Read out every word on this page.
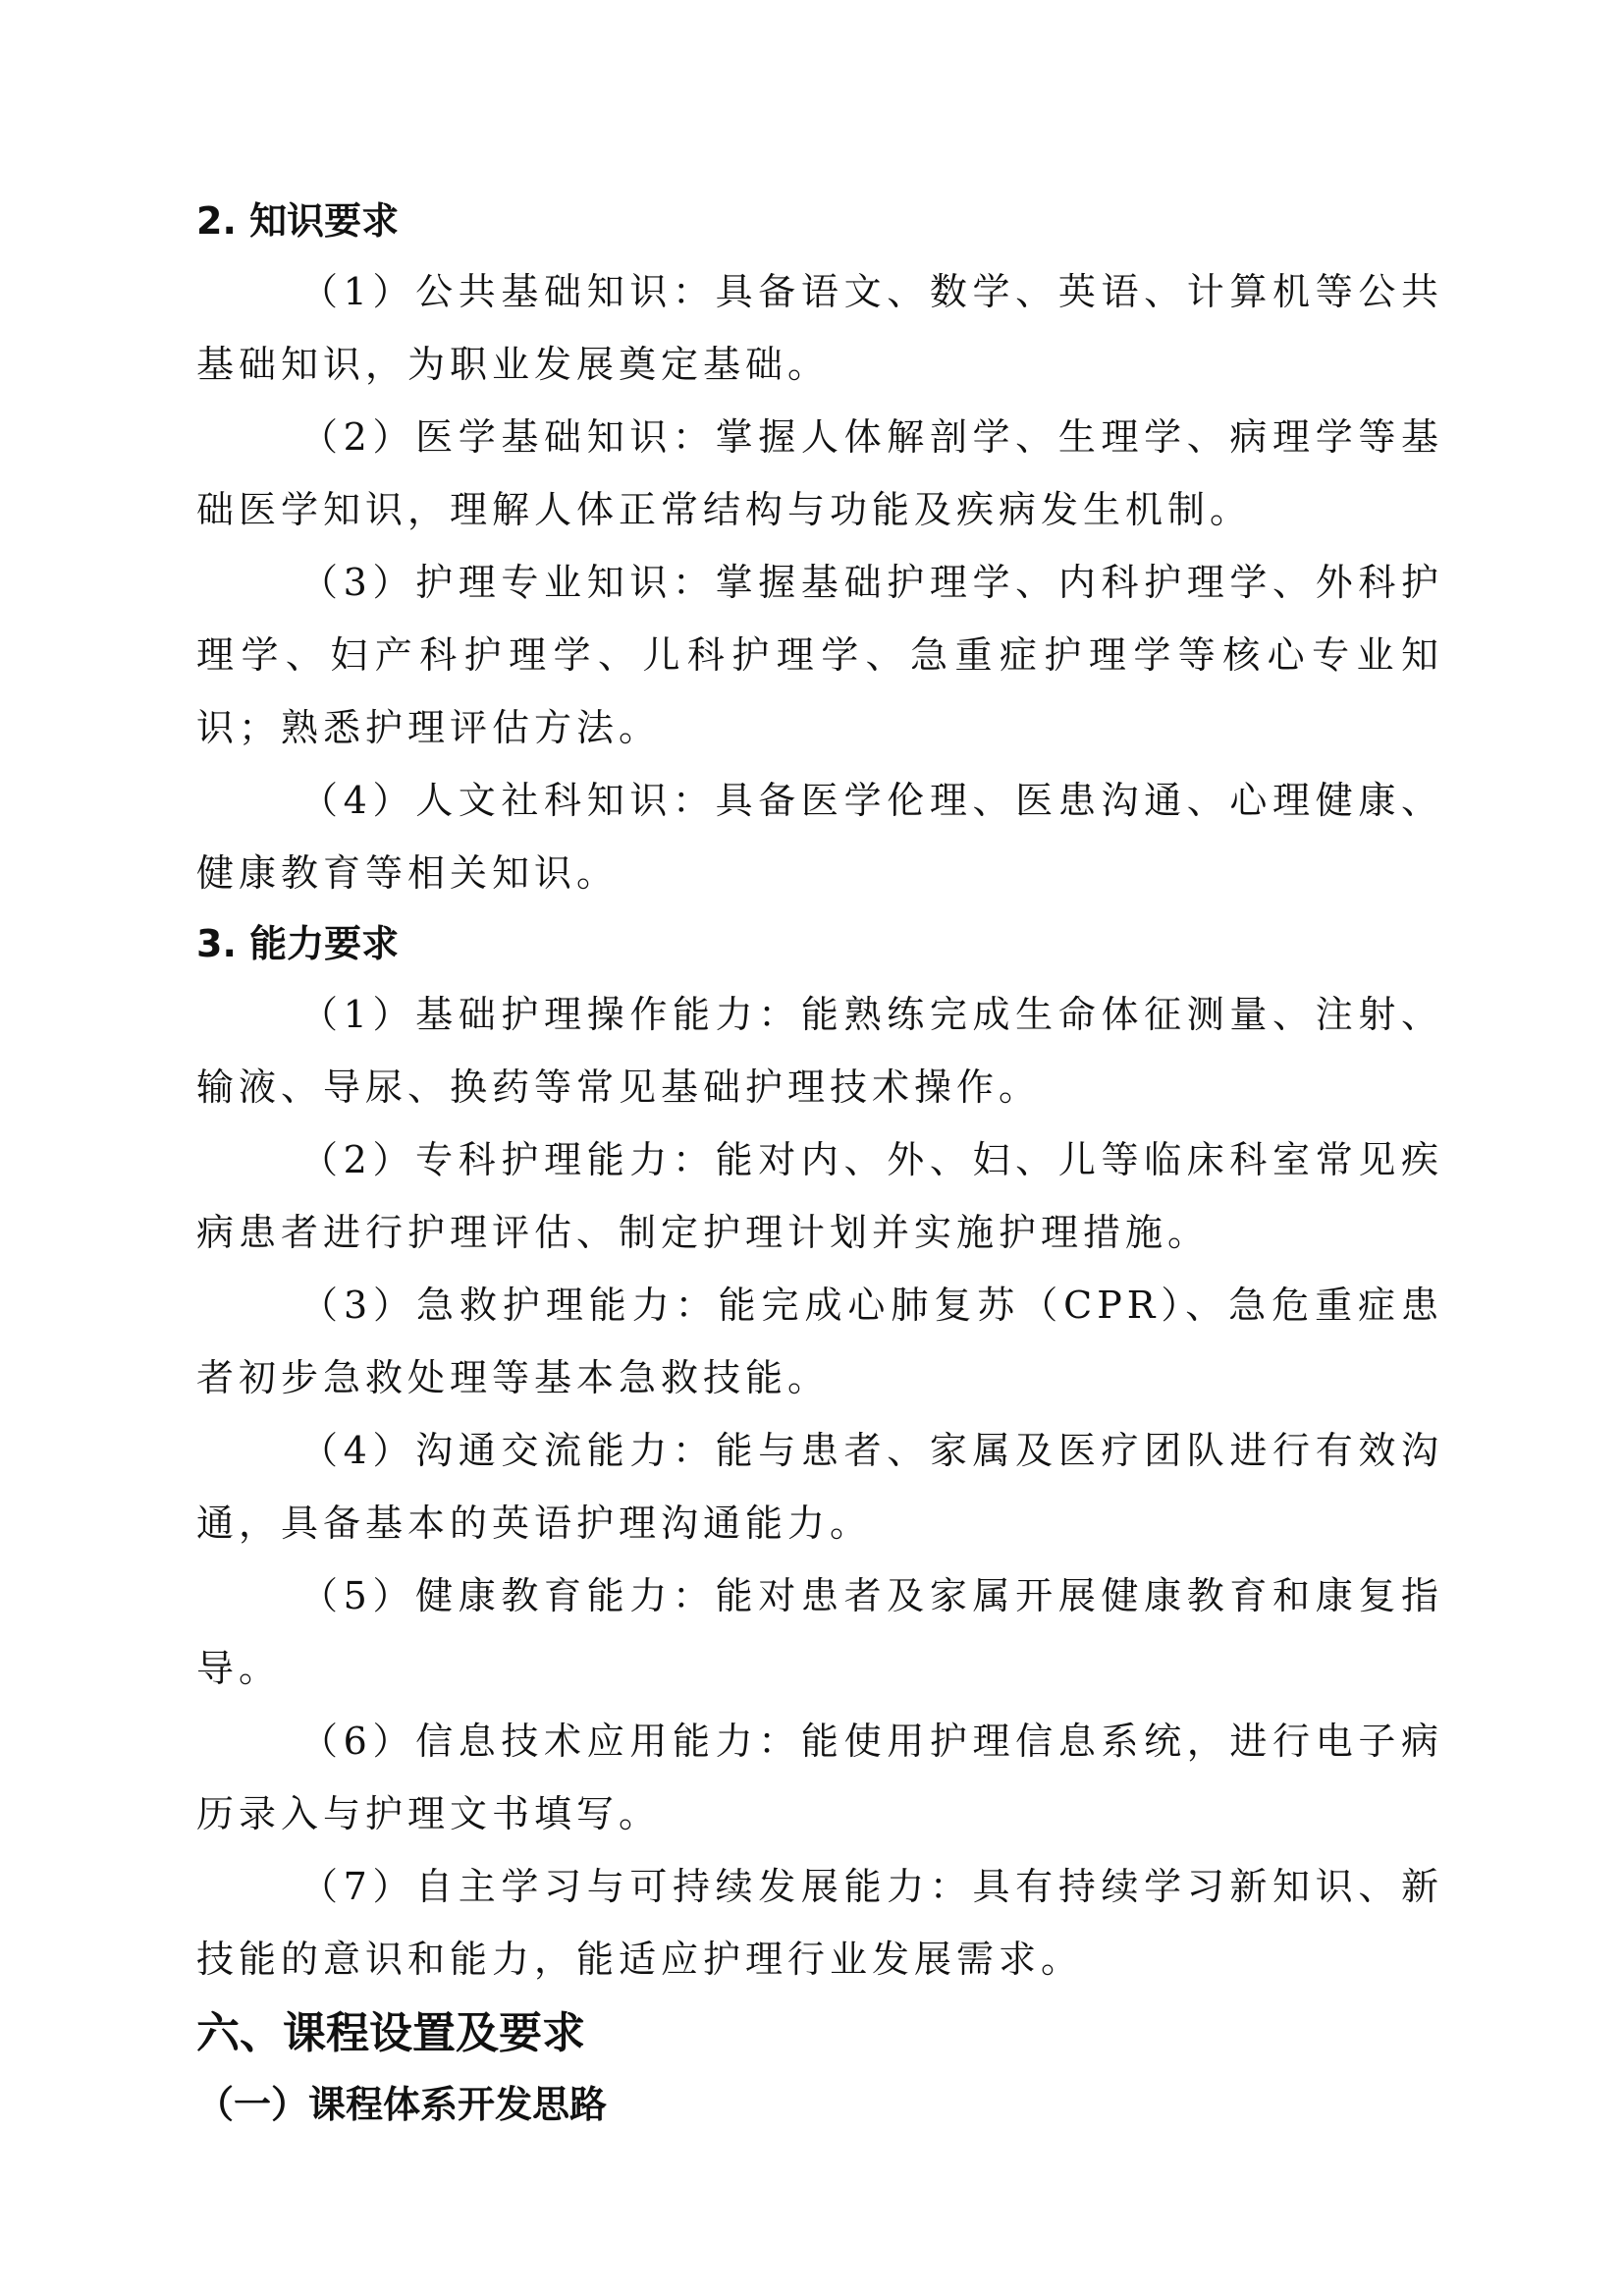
2. 知识要求

（1）公共基础知识：具备语文、数学、英语、计算机等公共基础知识，为职业发展奠定基础。

（2）医学基础知识：掌握人体解剖学、生理学、病理学等基础医学知识，理解人体正常结构与功能及疾病发生机制。

（3）护理专业知识：掌握基础护理学、内科护理学、外科护理学、妇产科护理学、儿科护理学、急重症护理学等核心专业知识；熟悉护理评估方法。

（4）人文社科知识：具备医学伦理、医患沟通、心理健康、健康教育等相关知识。

3. 能力要求

（1）基础护理操作能力：能熟练完成生命体征测量、注射、输液、导尿、换药等常见基础护理技术操作。

（2）专科护理能力：能对内、外、妇、儿等临床科室常见疾病患者进行护理评估、制定护理计划并实施护理措施。

（3）急救护理能力：能完成心肺复苏（CPR）、急危重症患者初步急救处理等基本急救技能。

（4）沟通交流能力：能与患者、家属及医疗团队进行有效沟通，具备基本的英语护理沟通能力。

（5）健康教育能力：能对患者及家属开展健康教育和康复指导。

（6）信息技术应用能力：能使用护理信息系统，进行电子病历录入与护理文书填写。

（7）自主学习与可持续发展能力：具有持续学习新知识、新技能的意识和能力，能适应护理行业发展需求。

六、课程设置及要求
（一）课程体系开发思路
